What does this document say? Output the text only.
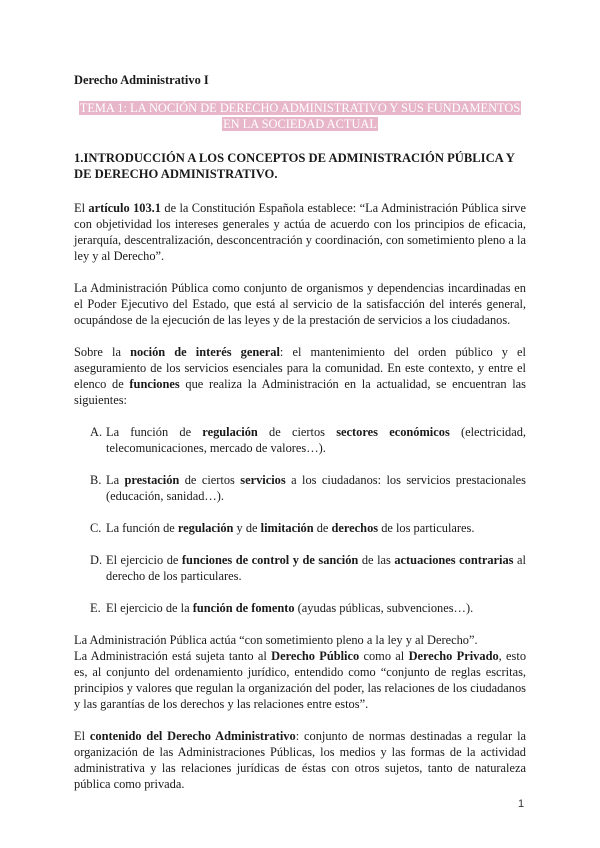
Derecho Administrativo I
TEMA 1: LA NOCIÓN DE DERECHO ADMINISTRATIVO Y SUS FUNDAMENTOS
EN LA SOCIEDAD ACTUAL
1.INTRODUCCIÓN A LOS CONCEPTOS DE ADMINISTRACIÓN PÚBLICA Y DE DERECHO ADMINISTRATIVO.

El artículo 103.1 de la Constitución Española establece: “La Administración Pública sirve con objetividad los intereses generales y actúa de acuerdo con los principios de eficacia, jerarquía, descentralización, desconcentración y coordinación, con sometimiento pleno a la ley y al Derecho”.

La Administración Pública como conjunto de organismos y dependencias incardinadas en el Poder Ejecutivo del Estado, que está al servicio de la satisfacción del interés general, ocupándose de la ejecución de las leyes y de la prestación de servicios a los ciudadanos.

Sobre la noción de interés general: el mantenimiento del orden público y el aseguramiento de los servicios esenciales para la comunidad. En este contexto, y entre el elenco de funciones que realiza la Administración en la actualidad, se encuentran las siguientes:

A. La función de regulación de ciertos sectores económicos (electricidad, telecomunicaciones, mercado de valores…).
B. La prestación de ciertos servicios a los ciudadanos: los servicios prestacionales (educación, sanidad…).
C. La función de regulación y de limitación de derechos de los particulares.
D. El ejercicio de funciones de control y de sanción de las actuaciones contrarias al derecho de los particulares.
E. El ejercicio de la función de fomento (ayudas públicas, subvenciones…).

La Administración Pública actúa “con sometimiento pleno a la ley y al Derecho”.

La Administración está sujeta tanto al Derecho Público como al Derecho Privado, esto es, al conjunto del ordenamiento jurídico, entendido como “conjunto de reglas escritas, principios y valores que regulan la organización del poder, las relaciones de los ciudadanos y las garantías de los derechos y las relaciones entre estos”.

El contenido del Derecho Administrativo: conjunto de normas destinadas a regular la organización de las Administraciones Públicas, los medios y las formas de la actividad administrativa y las relaciones jurídicas de éstas con otros sujetos, tanto de naturaleza pública como privada.

1
